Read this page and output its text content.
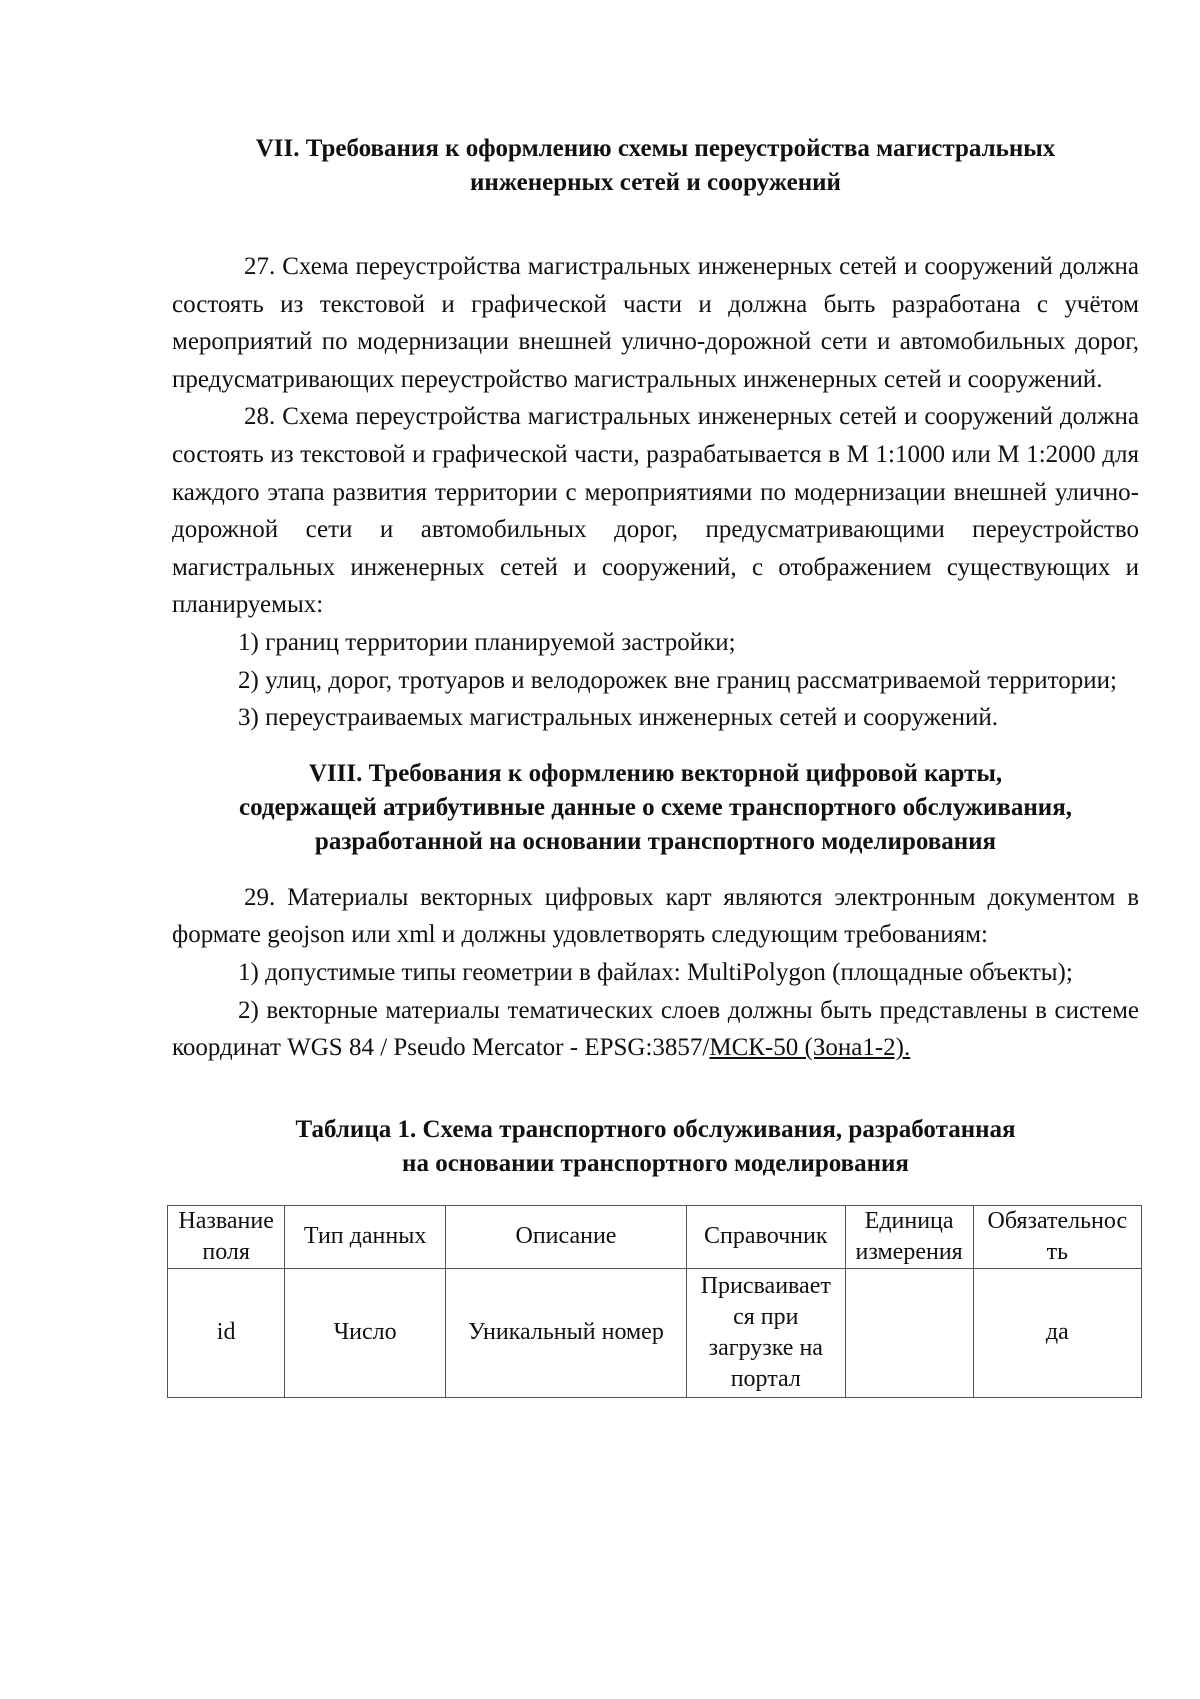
VII. Требования к оформлению схемы переустройства магистральных
инженерных сетей и сооружений

27. Схема переустройства магистральных инженерных сетей и сооружений должна состоять из текстовой и графической части и должна быть разработана с учётом мероприятий по модернизации внешней улично-дорожной сети и автомобильных дорог, предусматривающих переустройство магистральных инженерных сетей и сооружений.

28. Схема переустройства магистральных инженерных сетей и сооружений должна состоять из текстовой и графической части, разрабатывается в М 1:1000 или М 1:2000 для каждого этапа развития территории с мероприятиями по модернизации внешней улично-дорожной сети и автомобильных дорог, предусматривающими переустройство магистральных инженерных сетей и сооружений, с отображением существующих и планируемых:

1) границ территории планируемой застройки;

2) улиц, дорог, тротуаров и велодорожек вне границ рассматриваемой территории;

3) переустраиваемых магистральных инженерных сетей и сооружений.

VIII. Требования к оформлению векторной цифровой карты,
содержащей атрибутивные данные о схеме транспортного обслуживания,
разработанной на основании транспортного моделирования

29. Материалы векторных цифровых карт являются электронным документом в формате geojson или xml и должны удовлетворять следующим требованиям:

1) допустимые типы геометрии в файлах: MultiPolygon (площадные объекты);

2) векторные материалы тематических слоев должны быть представлены в системе координат WGS 84 / Pseudo Mercator - EPSG:3857/МСК-50 (Зона1-2).

Таблица 1. Схема транспортного обслуживания, разработанная
на основании транспортного моделирования
Название поля	Тип данных	Описание	Справочник	Единица измерения	Обязательнос ть
id	Число	Уникальный номер	Присваивает ся при загрузке на портал		да
